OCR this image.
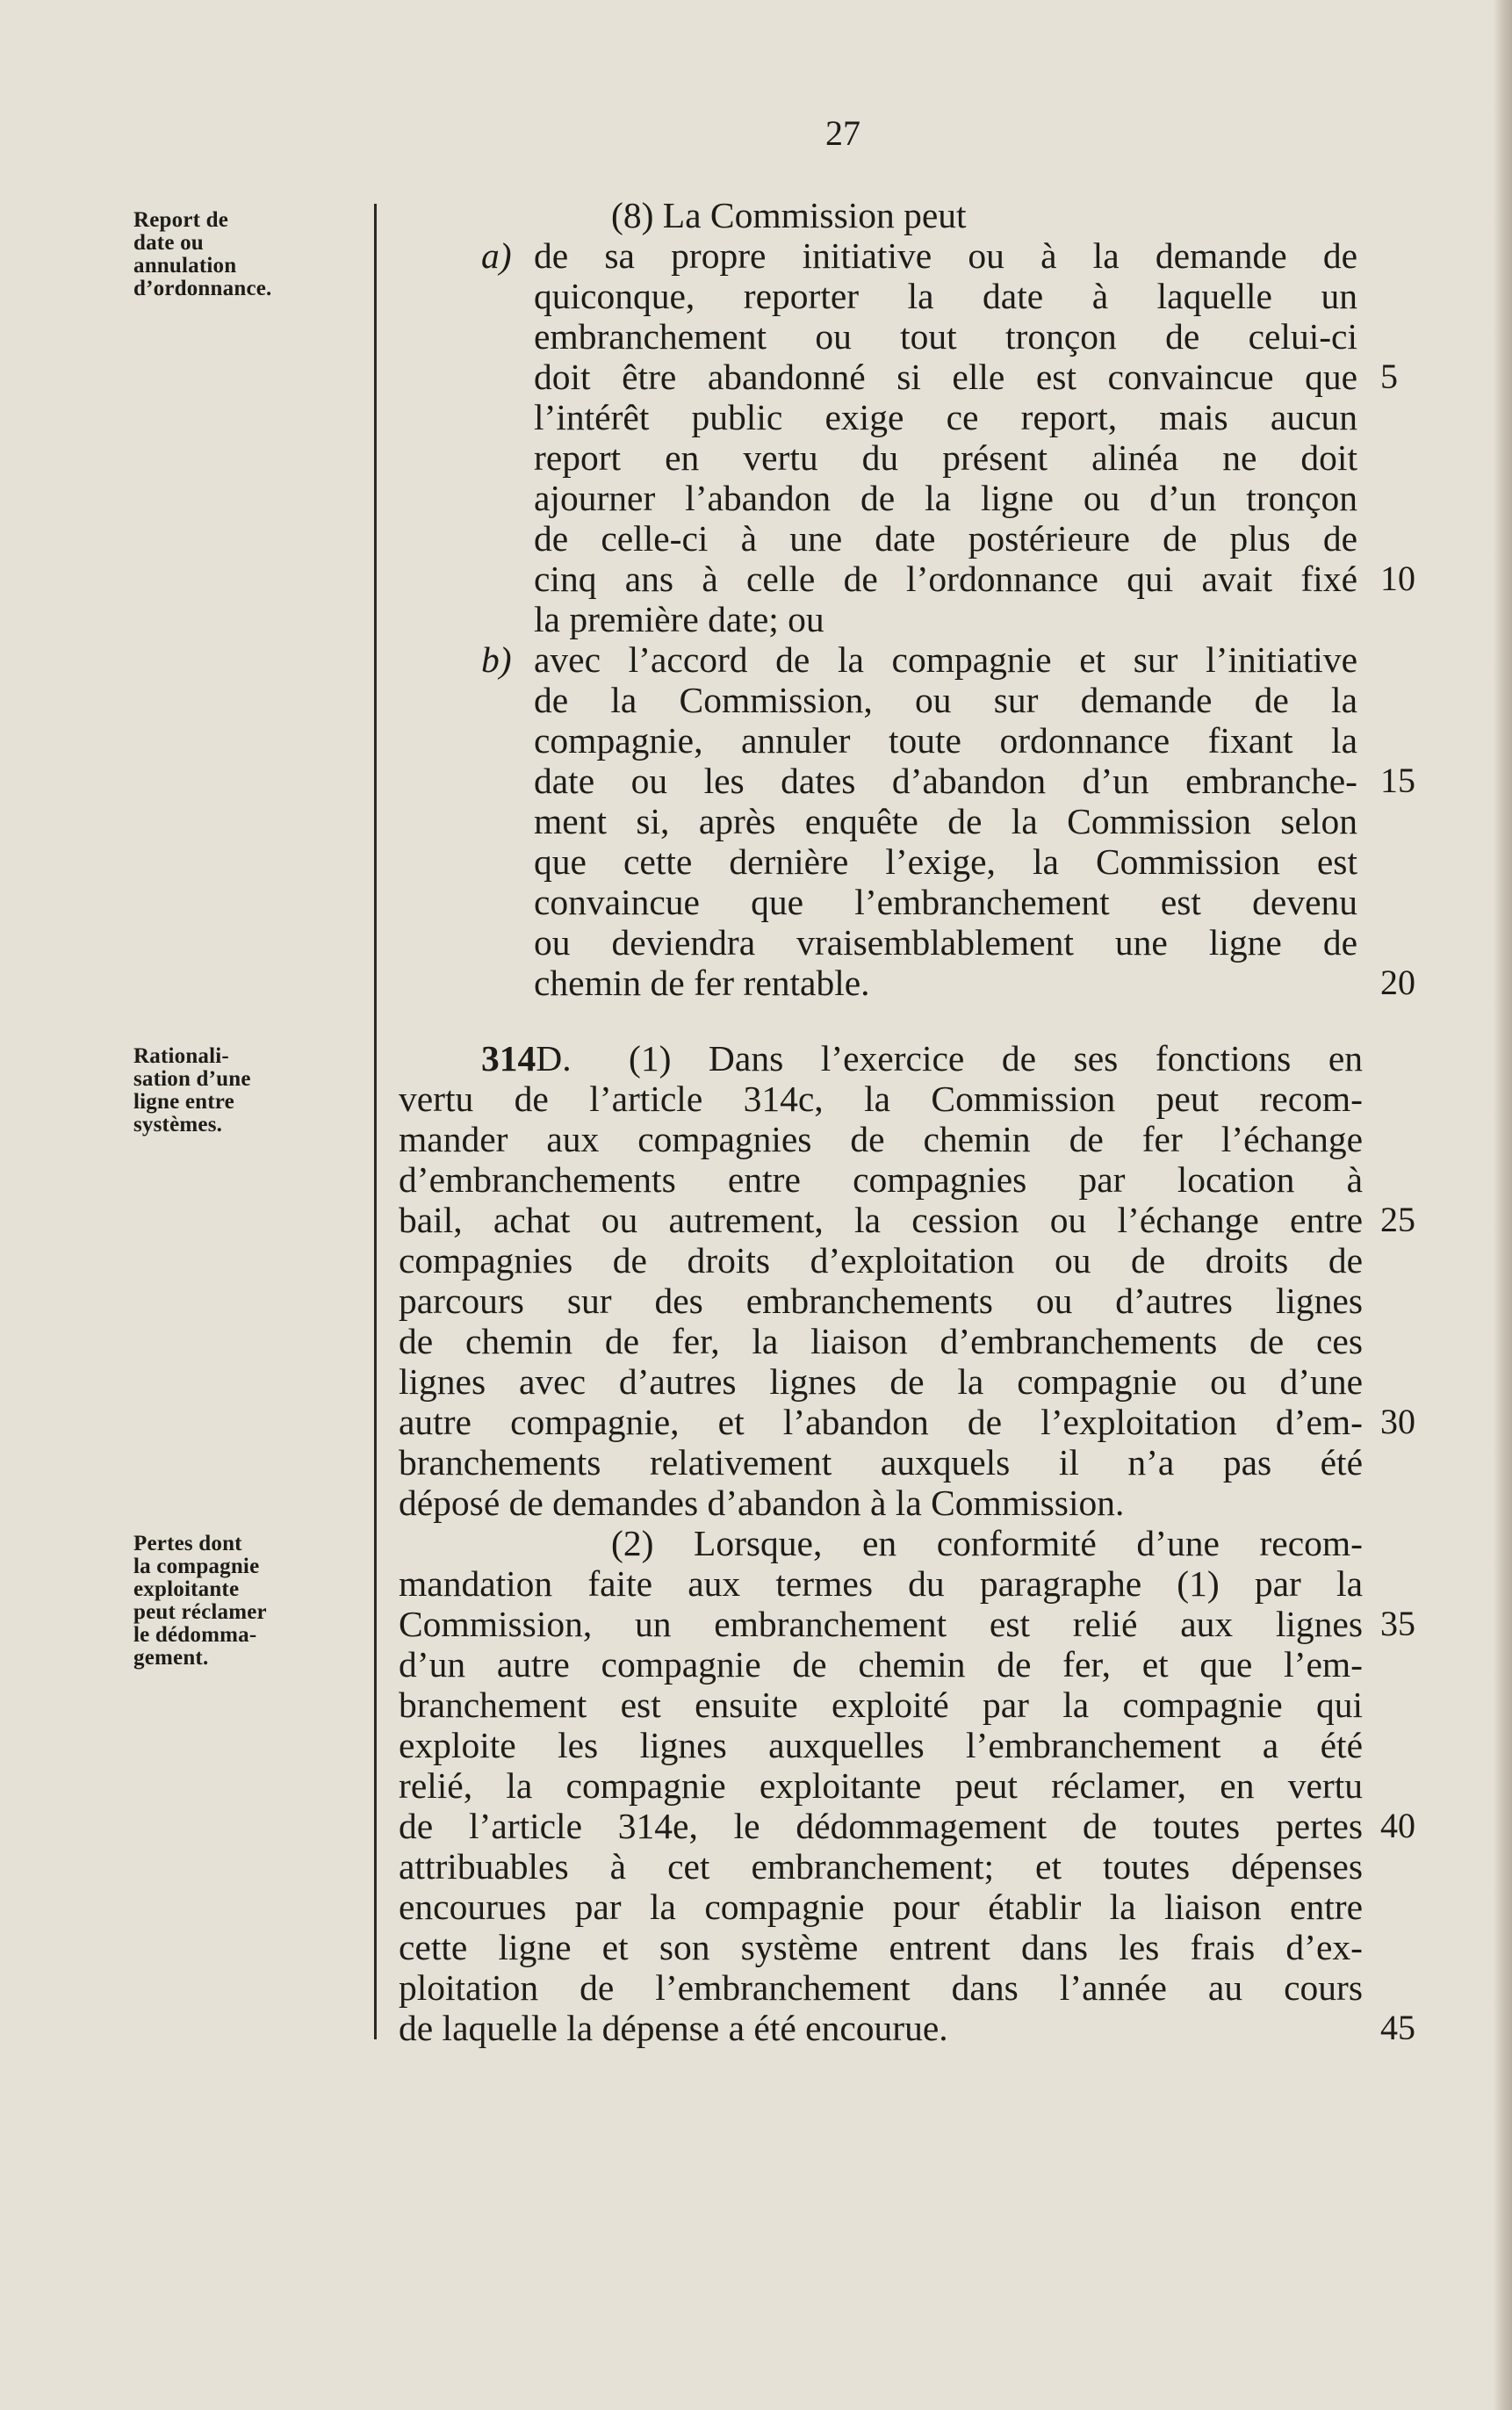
27
Report de
date ou
annulation
d’ordonnance.
Rationali-
sation d’une
ligne entre
systèmes.
Pertes dont
la compagnie
exploitante
peut réclamer
le dédomma-
gement.
(8) La Commission peut
a) de sa propre initiative ou à la demande de
quiconque, reporter la date à laquelle un
embranchement ou tout tronçon de celui-ci
doit être abandonné si elle est convaincue que
l’intérêt public exige ce report, mais aucun
report en vertu du présent alinéa ne doit
ajourner l’abandon de la ligne ou d’un tronçon
de celle-ci à une date postérieure de plus de
cinq ans à celle de l’ordonnance qui avait fixé
la première date; ou
b) avec l’accord de la compagnie et sur l’initiative
de la Commission, ou sur demande de la
compagnie, annuler toute ordonnance fixant la
date ou les dates d’abandon d’un embranche-
ment si, après enquête de la Commission selon
que cette dernière l’exige, la Commission est
convaincue que l’embranchement est devenu
ou deviendra vraisemblablement une ligne de
chemin de fer rentable.
314D. (1) Dans l’exercice de ses fonctions en
vertu de l’article 314c, la Commission peut recom-
mander aux compagnies de chemin de fer l’échange
d’embranchements entre compagnies par location à
bail, achat ou autrement, la cession ou l’échange entre
compagnies de droits d’exploitation ou de droits de
parcours sur des embranchements ou d’autres lignes
de chemin de fer, la liaison d’embranchements de ces
lignes avec d’autres lignes de la compagnie ou d’une
autre compagnie, et l’abandon de l’exploitation d’em-
branchements relativement auxquels il n’a pas été
déposé de demandes d’abandon à la Commission.
(2) Lorsque, en conformité d’une recom-
mandation faite aux termes du paragraphe (1) par la
Commission, un embranchement est relié aux lignes
d’un autre compagnie de chemin de fer, et que l’em-
branchement est ensuite exploité par la compagnie qui
exploite les lignes auxquelles l’embranchement a été
relié, la compagnie exploitante peut réclamer, en vertu
de l’article 314e, le dédommagement de toutes pertes
attribuables à cet embranchement; et toutes dépenses
encourues par la compagnie pour établir la liaison entre
cette ligne et son système entrent dans les frais d’ex-
ploitation de l’embranchement dans l’année au cours
de laquelle la dépense a été encourue.
5
10
15
20
25
30
35
40
45
